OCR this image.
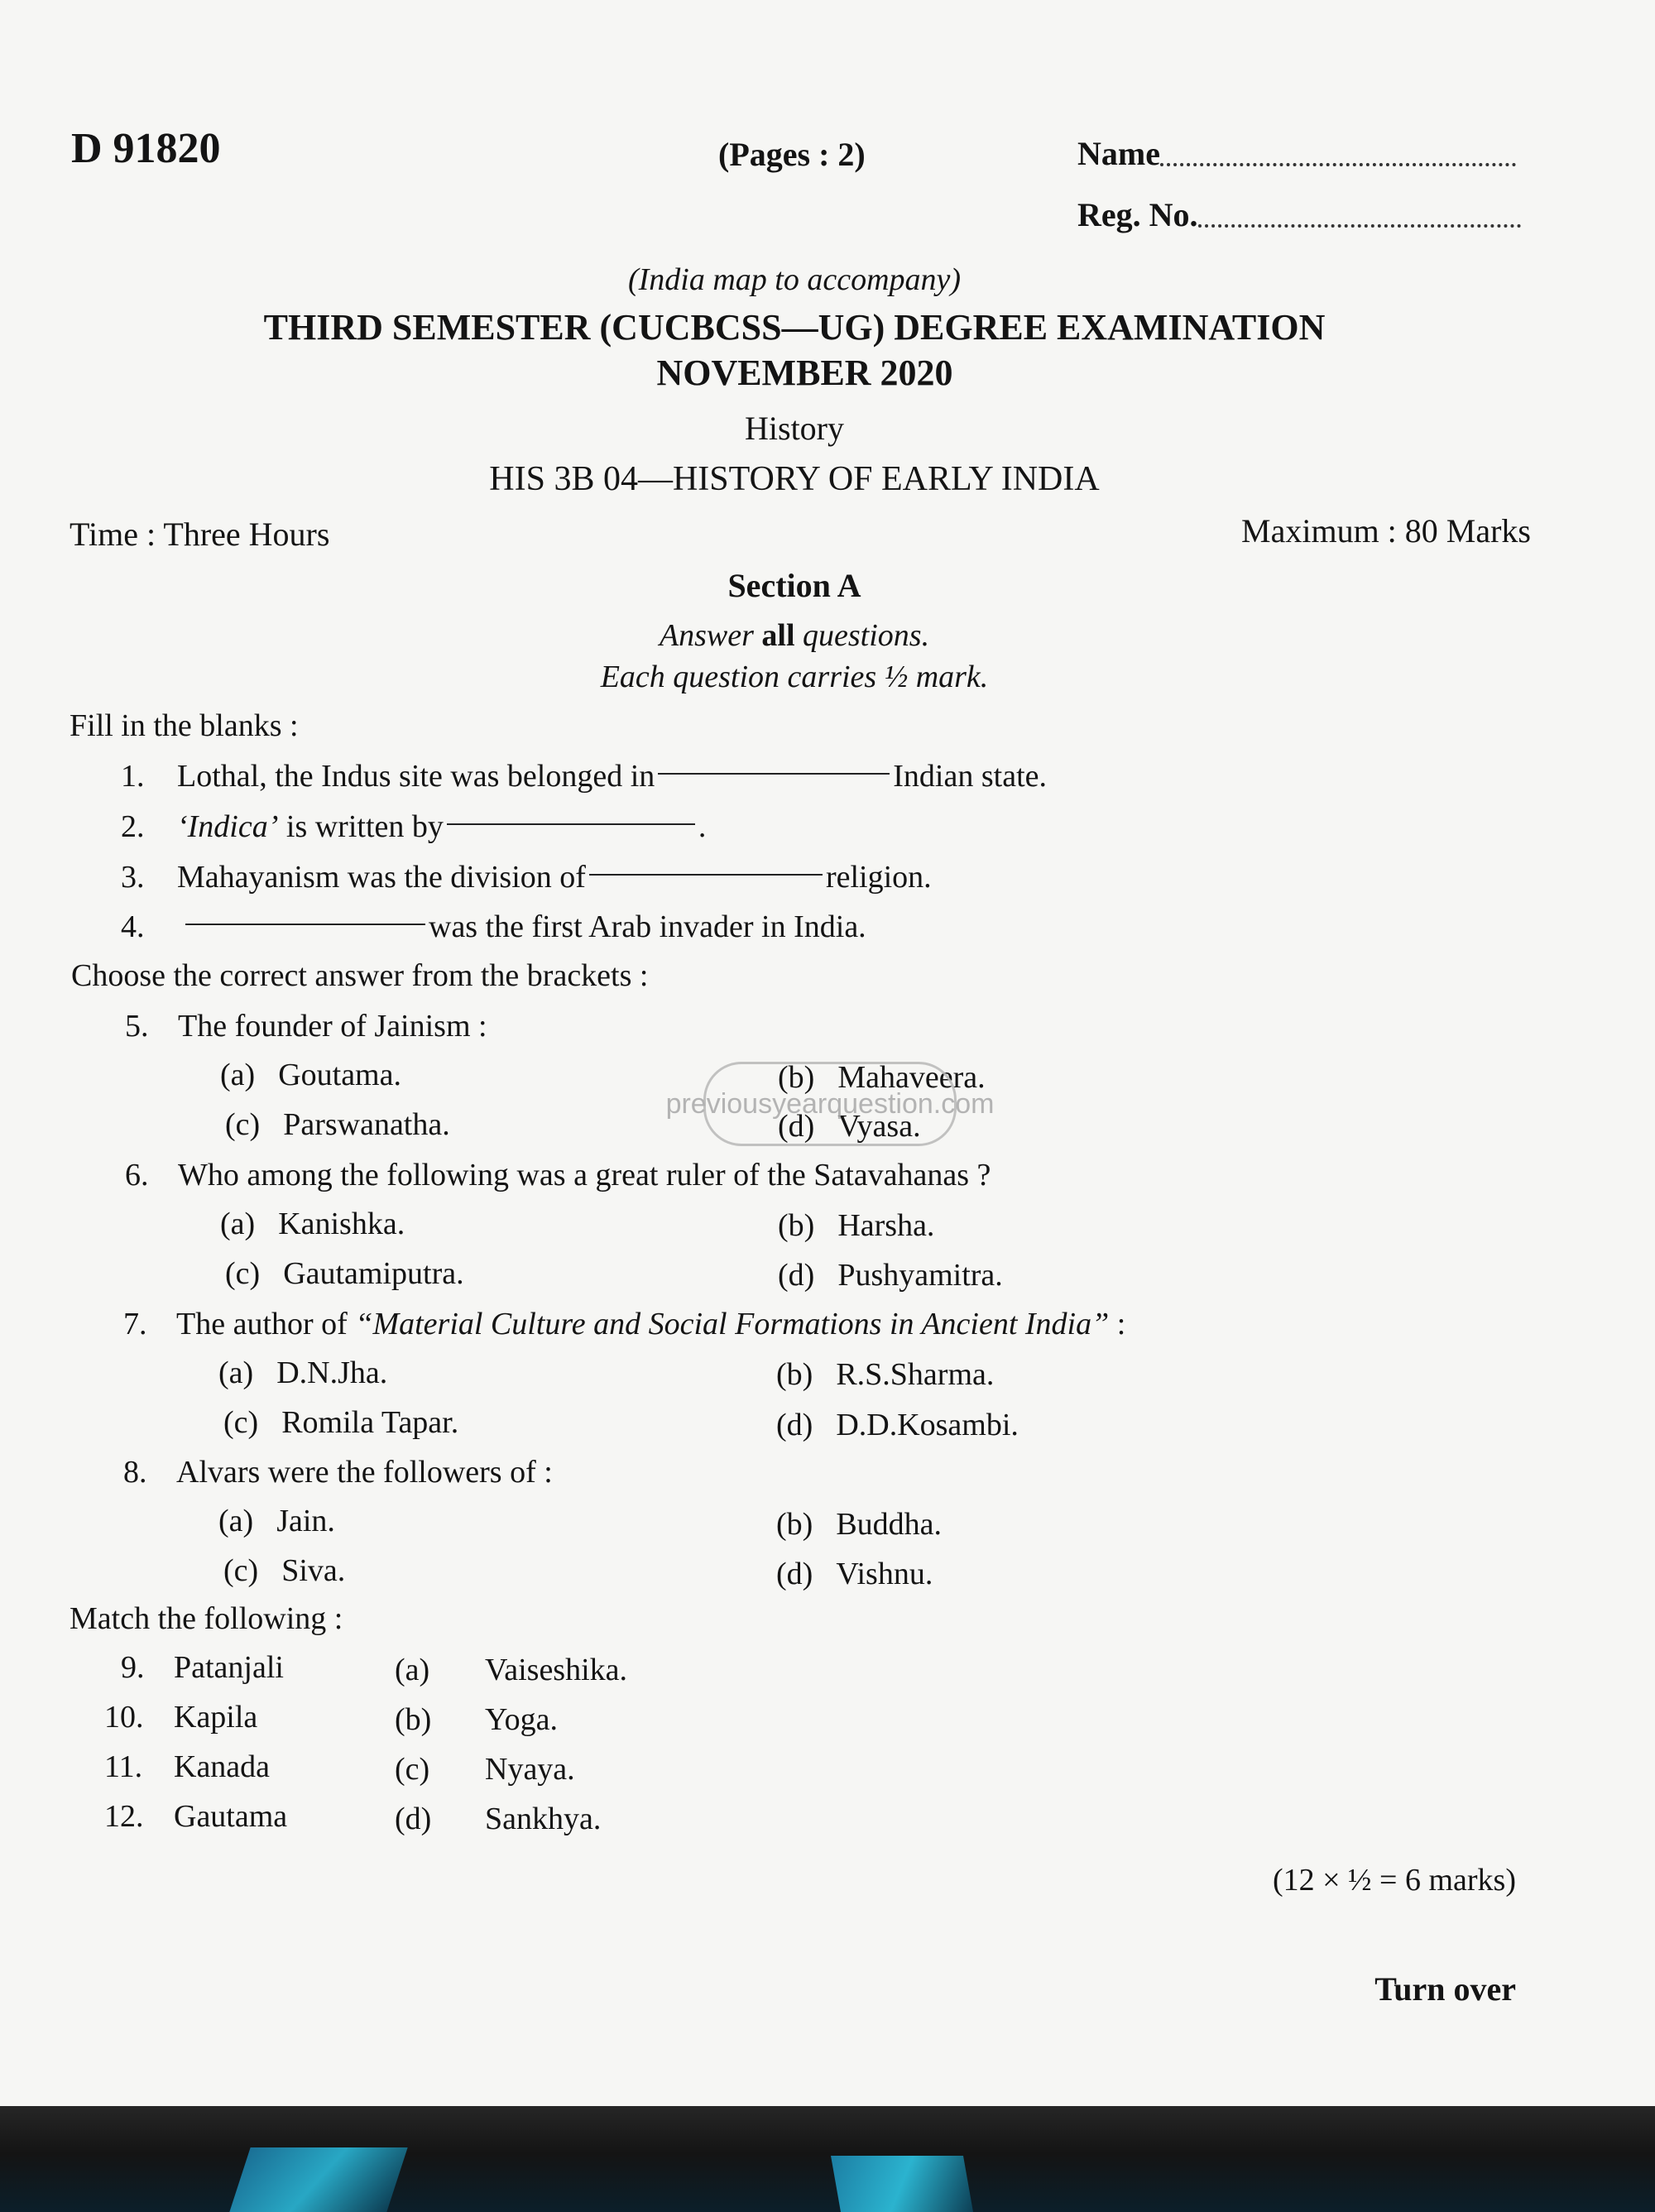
D 91820	(Pages : 2)	Name
Reg. No.
(India map to accompany)
THIRD SEMESTER (CUCBCSS—UG) DEGREE EXAMINATION
NOVEMBER 2020
History
HIS 3B 04—HISTORY OF EARLY INDIA
Time : Three Hours	Maximum : 80 Marks
Section A
Answer all questions.
Each question carries ½ mark.
Fill in the blanks :
1. Lothal, the Indus site was belonged in	Indian state.
2. ‘Indica’ is written by	.
3. Mahayanism was the division of	religion.
4.	was the first Arab invader in India.
Choose the correct answer from the brackets :
5. The founder of Jainism :
(a) Goutama.	(b) Mahaveera.
(c) Parswanatha.	(d) Vyasa.
6. Who among the following was a great ruler of the Satavahanas ?
(a) Kanishka.	(b) Harsha.
(c) Gautamiputra.	(d) Pushyamitra.
7. The author of “Material Culture and Social Formations in Ancient India” :
(a) D.N.Jha.	(b) R.S.Sharma.
(c) Romila Tapar.	(d) D.D.Kosambi.
8. Alvars were the followers of :
(a) Jain.	(b) Buddha.
(c) Siva.	(d) Vishnu.
Match the following :
9. Patanjali	(a) Vaiseshika.
10. Kapila	(b) Yoga.
11. Kanada	(c) Nyaya.
12. Gautama	(d) Sankhya.
(12 × ½ = 6 marks)
Turn over
previousyearquestion.com
